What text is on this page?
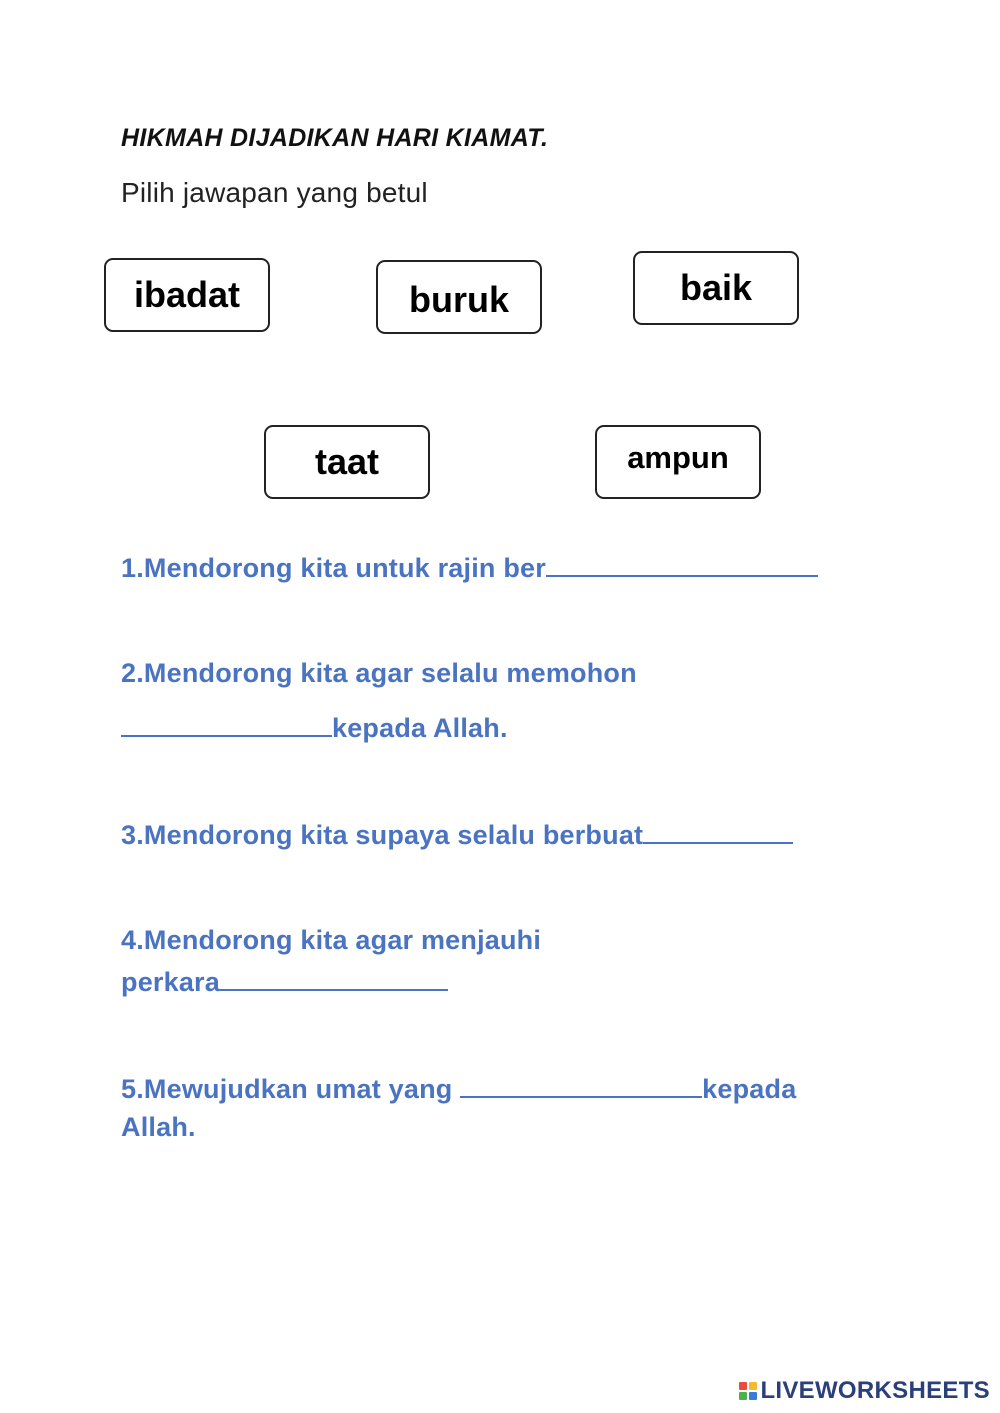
HIKMAH DIJADIKAN HARI KIAMAT.
Pilih jawapan yang betul
ibadat	buruk	baik
taat	ampun
1.Mendorong kita untuk rajin ber
2.Mendorong kita agar selalu memohon
kepada Allah.
3.Mendorong kita supaya selalu berbuat
4.Mendorong kita agar menjauhi
perkara
5.Mewujudkan umat yang	kepada
Allah.
LIVEWORKSHEETS
